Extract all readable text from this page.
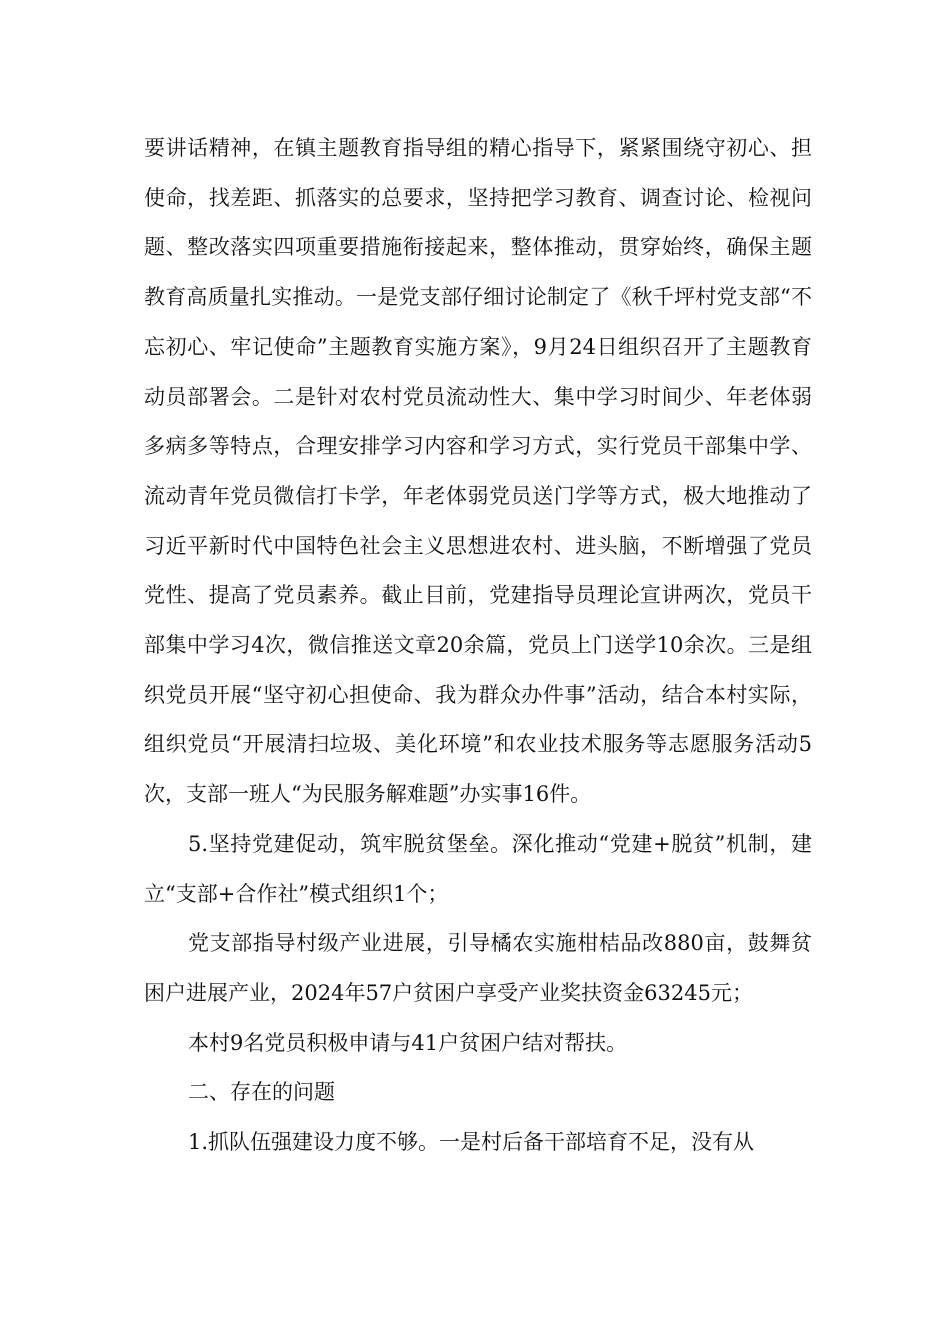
要讲话精神，在镇主题教育指导组的精心指导下，紧紧围绕守初心、担使命，找差距、抓落实的总要求，坚持把学习教育、调查讨论、检视问题、整改落实四项重要措施衔接起来，整体推动，贯穿始终，确保主题教育高质量扎实推动。一是党支部仔细讨论制定了《秋千坪村党支部“不忘初心、牢记使命”主题教育实施方案》，9月24日组织召开了主题教育动员部署会。二是针对农村党员流动性大、集中学习时间少、年老体弱多病多等特点，合理安排学习内容和学习方式，实行党员干部集中学、流动青年党员微信打卡学，年老体弱党员送门学等方式，极大地推动了习近平新时代中国特色社会主义思想进农村、进头脑，不断增强了党员党性、提高了党员素养。截止目前，党建指导员理论宣讲两次，党员干部集中学习4次，微信推送文章20余篇，党员上门送学10余次。三是组织党员开展“坚守初心担使命、我为群众办件事”活动，结合本村实际，组织党员“开展清扫垃圾、美化环境”和农业技术服务等志愿服务活动5次，支部一班人“为民服务解难题”办实事16件。

5.坚持党建促动，筑牢脱贫堡垒。深化推动“党建+脱贫”机制，建立“支部+合作社”模式组织1个；

党支部指导村级产业进展，引导橘农实施柑桔品改880亩，鼓舞贫困户进展产业，2024年57户贫困户享受产业奖扶资金63245元；

本村9名党员积极申请与41户贫困户结对帮扶。

二、存在的问题

1.抓队伍强建设力度不够。一是村后备干部培育不足，没有从
